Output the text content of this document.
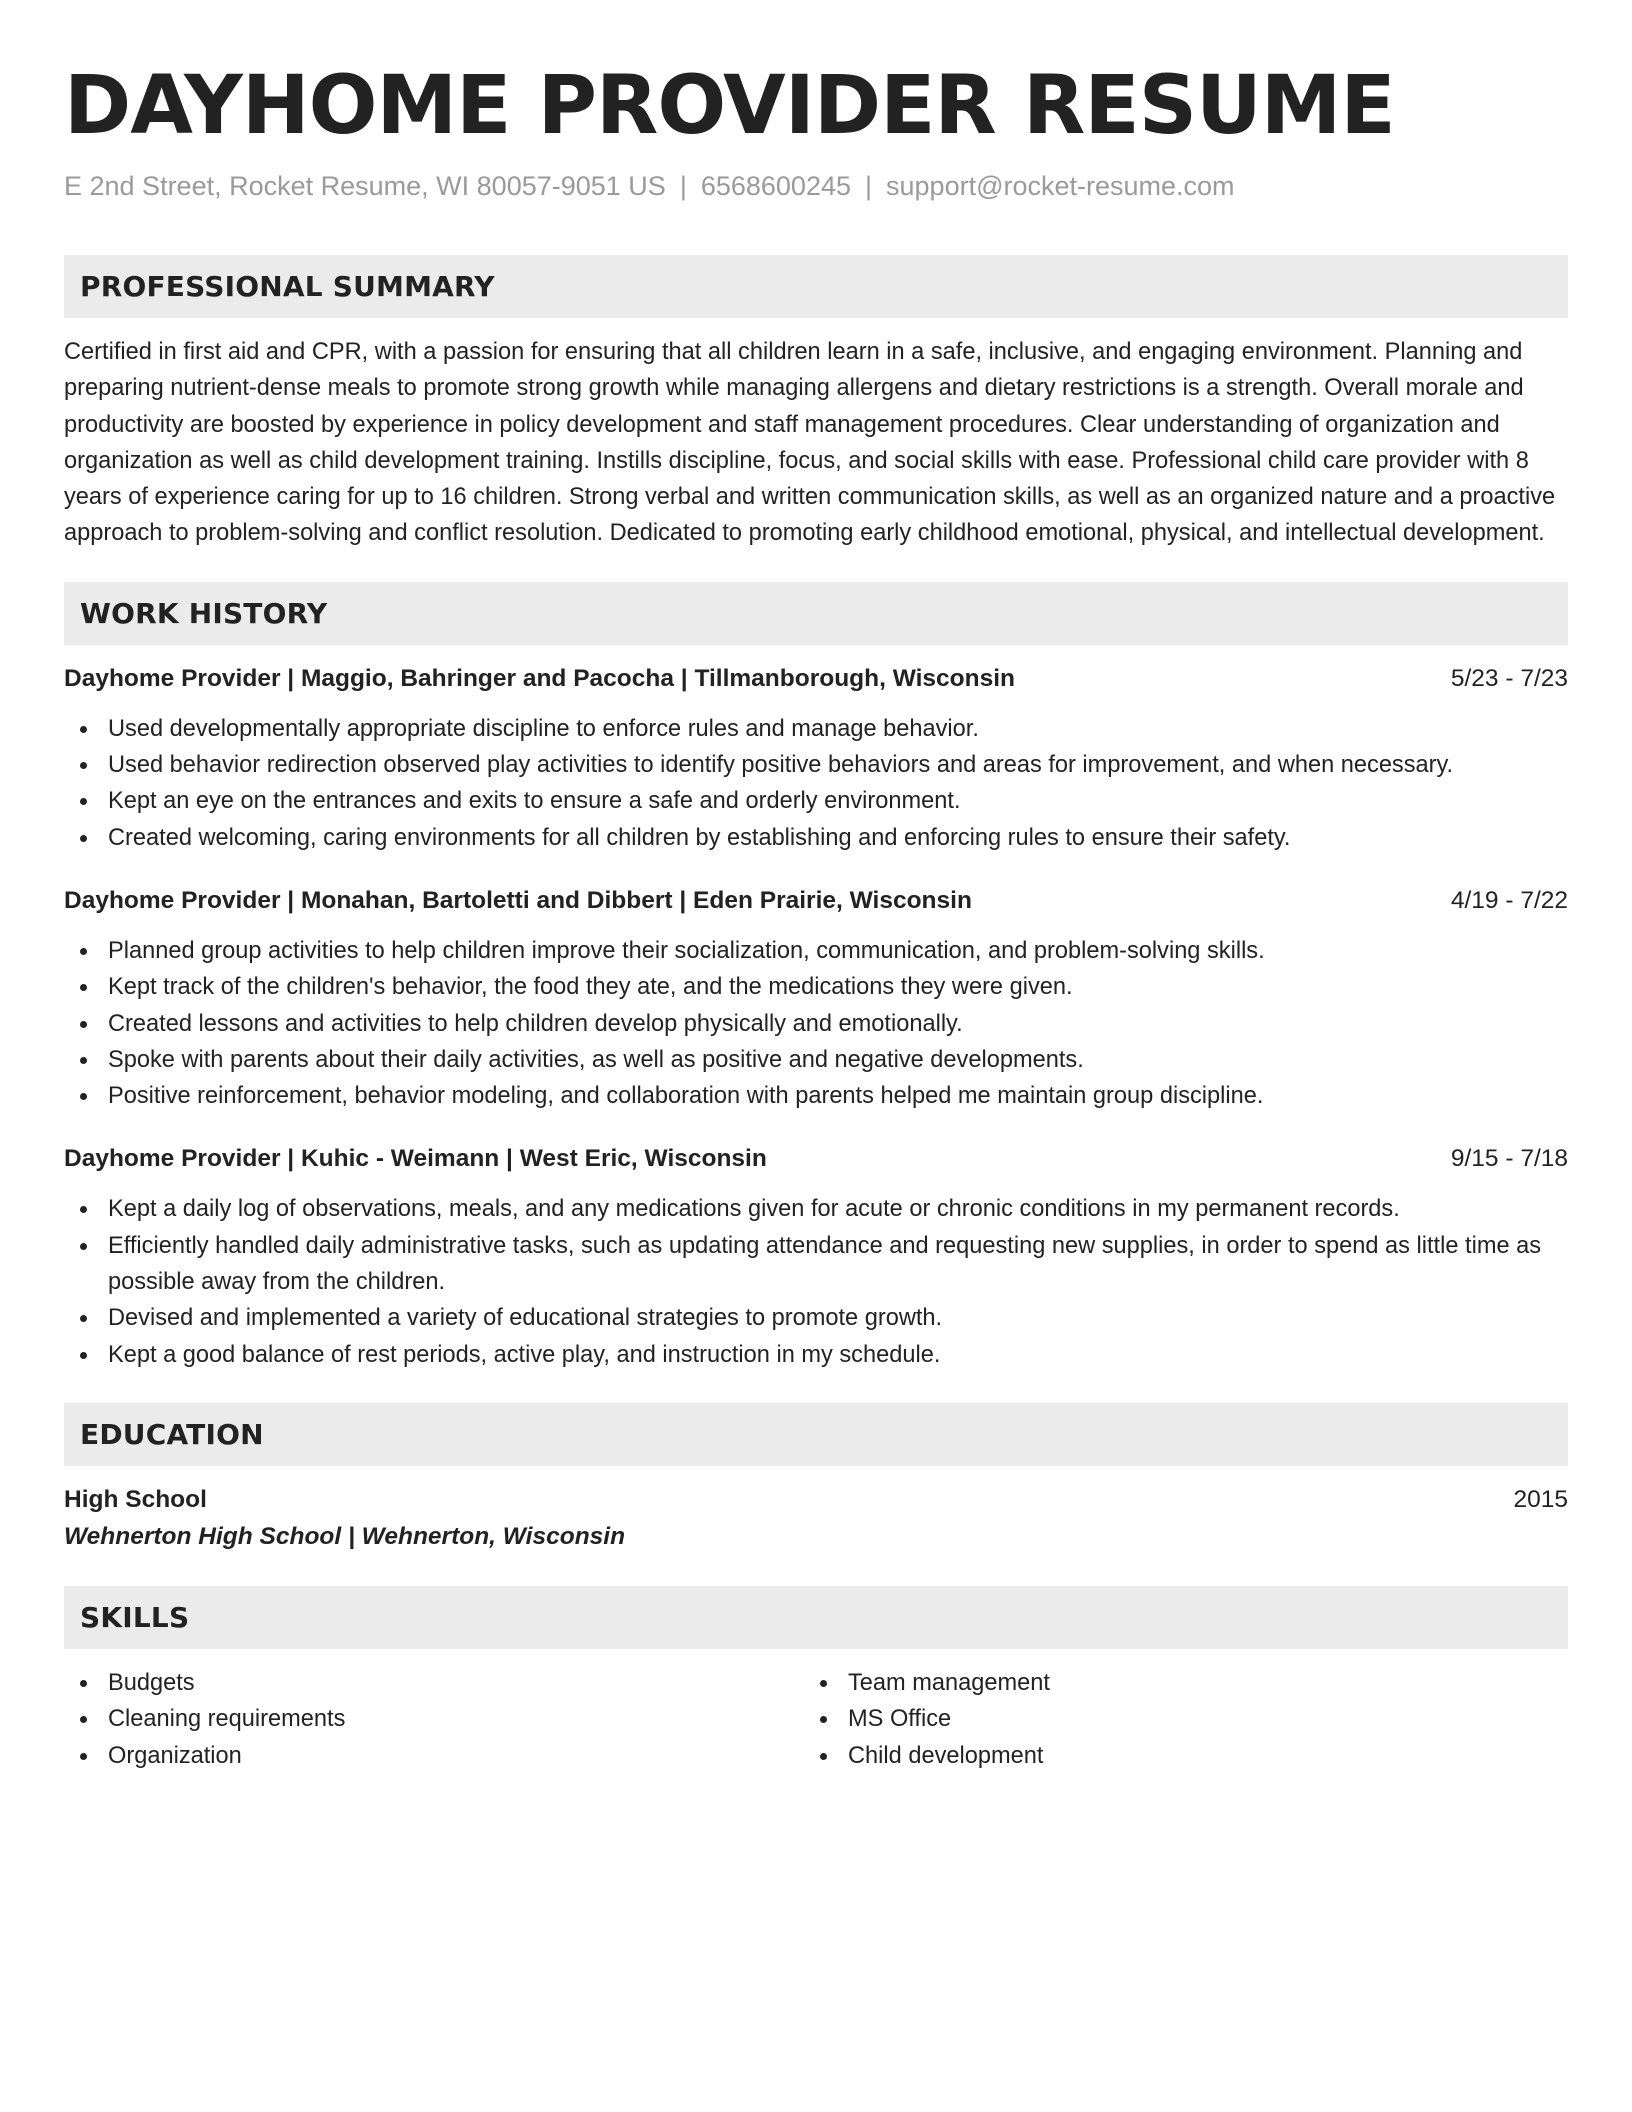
DAYHOME PROVIDER RESUME
E 2nd Street, Rocket Resume, WI 80057-9051 US | 6568600245 | support@rocket-resume.com
PROFESSIONAL SUMMARY
Certified in first aid and CPR, with a passion for ensuring that all children learn in a safe, inclusive, and engaging environment. Planning and preparing nutrient-dense meals to promote strong growth while managing allergens and dietary restrictions is a strength. Overall morale and productivity are boosted by experience in policy development and staff management procedures. Clear understanding of organization and organization as well as child development training. Instills discipline, focus, and social skills with ease. Professional child care provider with 8 years of experience caring for up to 16 children. Strong verbal and written communication skills, as well as an organized nature and a proactive approach to problem-solving and conflict resolution. Dedicated to promoting early childhood emotional, physical, and intellectual development.
WORK HISTORY
Dayhome Provider | Maggio, Bahringer and Pacocha | Tillmanborough, Wisconsin	5/23 - 7/23
Used developmentally appropriate discipline to enforce rules and manage behavior.
Used behavior redirection observed play activities to identify positive behaviors and areas for improvement, and when necessary.
Kept an eye on the entrances and exits to ensure a safe and orderly environment.
Created welcoming, caring environments for all children by establishing and enforcing rules to ensure their safety.
Dayhome Provider | Monahan, Bartoletti and Dibbert | Eden Prairie, Wisconsin	4/19 - 7/22
Planned group activities to help children improve their socialization, communication, and problem-solving skills.
Kept track of the children's behavior, the food they ate, and the medications they were given.
Created lessons and activities to help children develop physically and emotionally.
Spoke with parents about their daily activities, as well as positive and negative developments.
Positive reinforcement, behavior modeling, and collaboration with parents helped me maintain group discipline.
Dayhome Provider | Kuhic - Weimann | West Eric, Wisconsin	9/15 - 7/18
Kept a daily log of observations, meals, and any medications given for acute or chronic conditions in my permanent records.
Efficiently handled daily administrative tasks, such as updating attendance and requesting new supplies, in order to spend as little time as possible away from the children.
Devised and implemented a variety of educational strategies to promote growth.
Kept a good balance of rest periods, active play, and instruction in my schedule.
EDUCATION
High School	2015
Wehnerton High School | Wehnerton, Wisconsin
SKILLS
Budgets
Cleaning requirements
Organization
Team management
MS Office
Child development
